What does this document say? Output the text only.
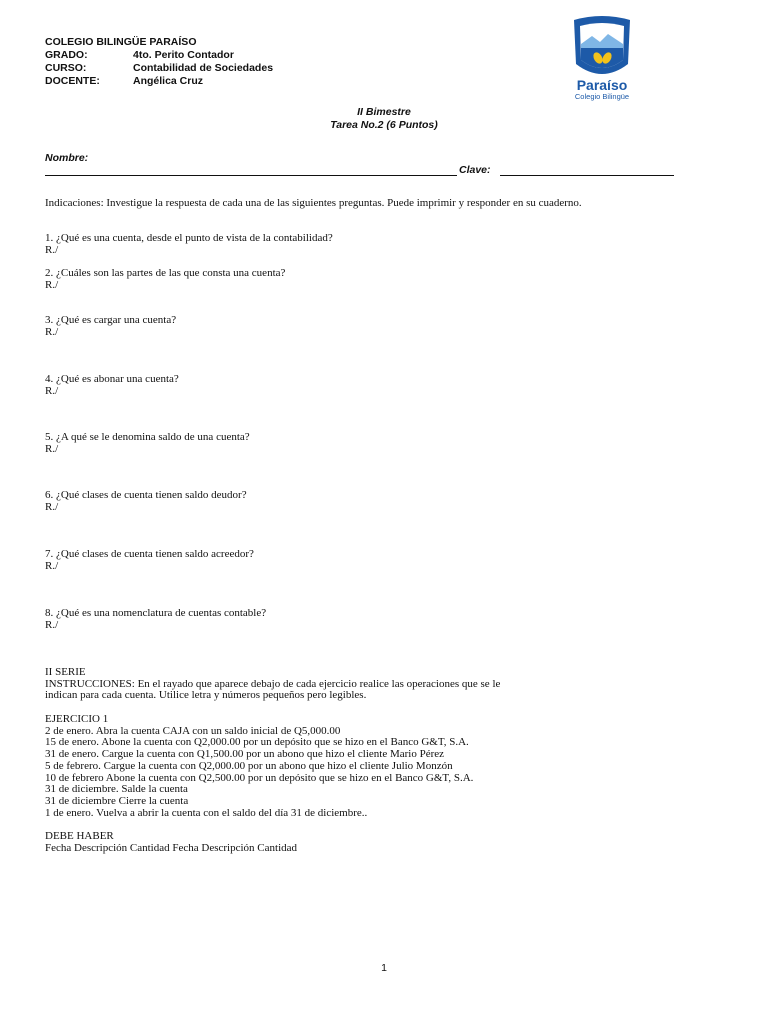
COLEGIO BILINGÜE PARAÍSO
GRADO:	4to. Perito Contador
CURSO:	Contabilidad de Sociedades
DOCENTE:	Angélica Cruz	Paraíso
Colegio Bilingüe
II Bimestre
Tarea No.2 (6 Puntos)
Nombre:
Clave:
Indicaciones: Investigue la respuesta de cada una de las siguientes preguntas. Puede imprimir y responder en su cuaderno.
1. ¿Qué es una cuenta, desde el punto de vista de la contabilidad?
R./
2. ¿Cuáles son las partes de las que consta una cuenta?
R./
3. ¿Qué es cargar una cuenta?
R./
4. ¿Qué es abonar una cuenta?
R./
5. ¿A qué se le denomina saldo de una cuenta?
R./
6. ¿Qué clases de cuenta tienen saldo deudor?
R./
7. ¿Qué clases de cuenta tienen saldo acreedor?
R./
8. ¿Qué es una nomenclatura de cuentas contable?
R./
II SERIE
INSTRUCCIONES: En el rayado que aparece debajo de cada ejercicio realice las operaciones que se le
indican para cada cuenta. Utilice letra y números pequeños pero legibles.
EJERCICIO 1
2 de enero. Abra la cuenta CAJA con un saldo inicial de Q5,000.00
15 de enero. Abone la cuenta con Q2,000.00 por un depósito que se hizo en el Banco G&T, S.A.
31 de enero. Cargue la cuenta con Q1,500.00 por un abono que hizo el cliente Mario Pérez
5 de febrero. Cargue la cuenta con Q2,000.00 por un abono que hizo el cliente Julio Monzón
10 de febrero Abone la cuenta con Q2,500.00 por un depósito que se hizo en el Banco G&T, S.A.
31 de diciembre. Salde la cuenta
31 de diciembre Cierre la cuenta
1 de enero. Vuelva a abrir la cuenta con el saldo del día 31 de diciembre..
DEBE HABER
Fecha Descripción Cantidad Fecha Descripción Cantidad
1
